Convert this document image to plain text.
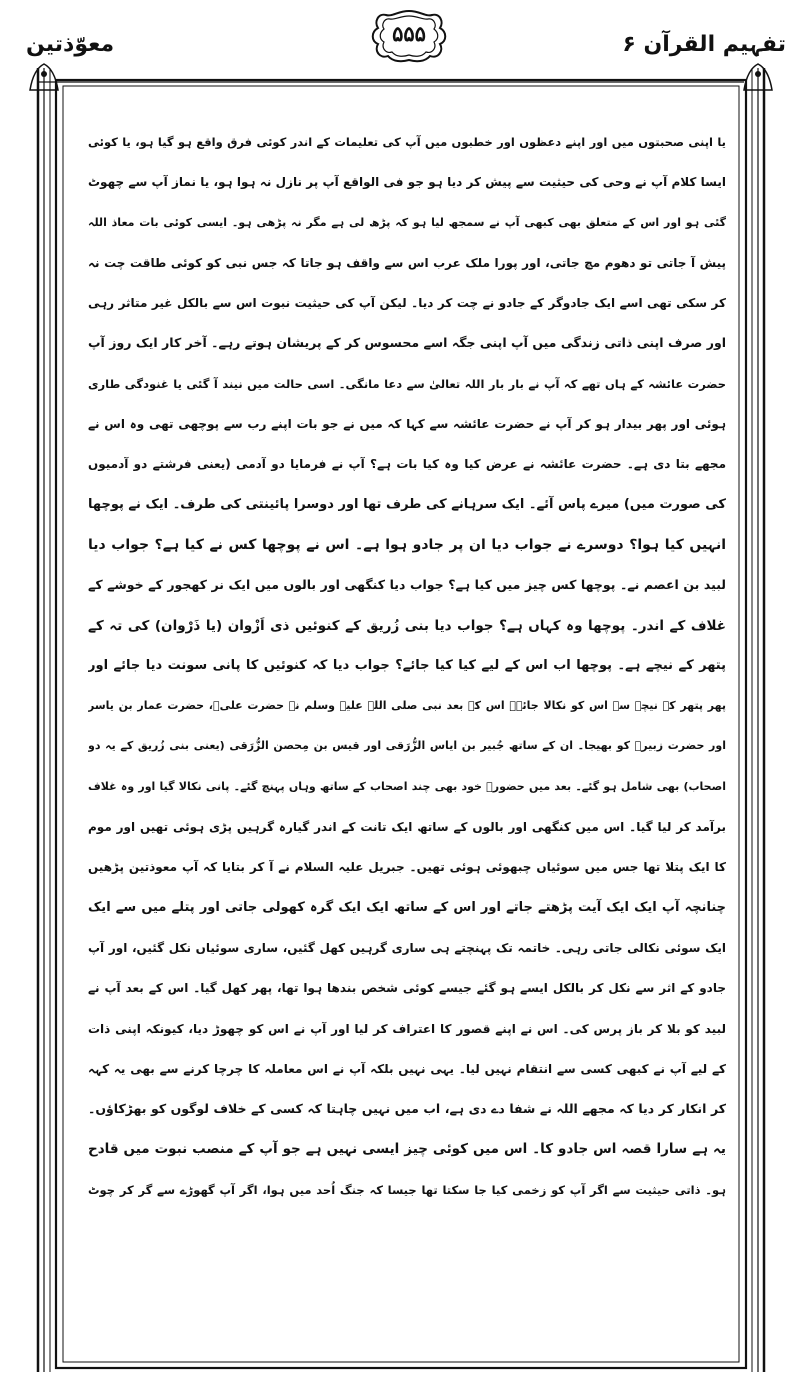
معوّذتین	۵۵۵	تفہیم القرآن ۶
یا اپنی صحبتوں میں اور اپنے دعظوں اور خطبوں میں آپ کی تعلیمات کے اندر کوئی فرق واقع ہو گیا ہو، یا کوئی
ایسا کلام آپ نے وحی کی حیثیت سے پیش کر دیا ہو جو فی الواقع آپ پر نازل نہ ہوا ہو، یا نماز آپ سے چھوٹ
گئی ہو اور اس کے متعلق بھی کبھی آپ نے سمجھ لیا ہو کہ پڑھ لی ہے مگر نہ پڑھی ہو۔ ایسی کوئی بات معاذ اللہ
پیش آ جاتی تو دھوم مچ جاتی، اور پورا ملک عرب اس سے واقف ہو جاتا کہ جس نبی کو کوئی طاقت چت نہ
کر سکی تھی اسے ایک جادوگر کے جادو نے چت کر دیا۔ لیکن آپ کی حیثیت نبوت اس سے بالکل غیر متاثر رہی
اور صرف اپنی ذاتی زندگی میں آپ اپنی جگہ اسے محسوس کر کے پریشان ہوتے رہے۔ آخر کار ایک روز آپ
حضرت عائشہ کے ہاں تھے کہ آپ نے بار بار اللہ تعالیٰ سے دعا مانگی۔ اسی حالت میں نیند آ گئی یا غنودگی طاری
ہوئی اور پھر بیدار ہو کر آپ نے حضرت عائشہ سے کہا کہ میں نے جو بات اپنے رب سے پوچھی تھی وہ اس نے
مجھے بتا دی ہے۔ حضرت عائشہ نے عرض کیا وہ کیا بات ہے؟ آپ نے فرمایا دو آدمی (یعنی فرشتے دو آدمیوں
کی صورت میں) میرے پاس آئے۔ ایک سرہانے کی طرف تھا اور دوسرا پائینتی کی طرف۔ ایک نے پوچھا
انہیں کیا ہوا؟ دوسرے نے جواب دیا ان پر جادو ہوا ہے۔ اس نے پوچھا کس نے کیا ہے؟ جواب دیا
لبید بن اعصم نے۔ پوچھا کس چیز میں کیا ہے؟ جواب دیا کنگھی اور بالوں میں ایک نر کھجور کے خوشے کے
غلاف کے اندر۔ پوچھا وہ کہاں ہے؟ جواب دیا بنی زُریق کے کنوئیں ذی اَزْوان (یا ذَرْوان) کی تہ کے
پتھر کے نیچے ہے۔ پوچھا اب اس کے لیے کیا کیا جائے؟ جواب دیا کہ کنوئیں کا پانی سونت دیا جائے اور
پھر پتھر کے نیچے سے اس کو نکالا جائے۔ اس کے بعد نبی صلی اللہ علیہ وسلم نے حضرت علیؓ، حضرت عمار بن یاسر
اور حضرت زبیرؓ کو بھیجا۔ ان کے ساتھ جُبیر بن ایاس الزُّرَقی اور قیس بن مِحصن الزُّرَقی (یعنی بنی زُریق کے یہ دو
اصحاب) بھی شامل ہو گئے۔ بعد میں حضورؐ خود بھی چند اصحاب کے ساتھ وہاں پہنچ گئے۔ پانی نکالا گیا اور وہ غلاف
برآمد کر لیا گیا۔ اس میں کنگھی اور بالوں کے ساتھ ایک تانت کے اندر گیارہ گرہیں پڑی ہوئی تھیں اور موم
کا ایک پتلا تھا جس میں سوئیاں چبھوئی ہوئی تھیں۔ جبریل علیہ السلام نے آ کر بتایا کہ آپ معوذتین پڑھیں
چنانچہ آپ ایک ایک آیت پڑھتے جاتے اور اس کے ساتھ ایک ایک گرہ کھولی جاتی اور پتلے میں سے ایک
ایک سوئی نکالی جاتی رہی۔ خاتمہ تک پہنچتے ہی ساری گرہیں کھل گئیں، ساری سوئیاں نکل گئیں، اور آپ
جادو کے اثر سے نکل کر بالکل ایسے ہو گئے جیسے کوئی شخص بندھا ہوا تھا، پھر کھل گیا۔ اس کے بعد آپ نے
لبید کو بلا کر باز پرس کی۔ اس نے اپنے قصور کا اعتراف کر لیا اور آپ نے اس کو چھوڑ دیا، کیونکہ اپنی ذات
کے لیے آپ نے کبھی کسی سے انتقام نہیں لیا۔ یہی نہیں بلکہ آپ نے اس معاملہ کا چرچا کرنے سے بھی یہ کہہ
کر انکار کر دیا کہ مجھے اللہ نے شفا دے دی ہے، اب میں نہیں چاہتا کہ کسی کے خلاف لوگوں کو بھڑکاؤں۔
یہ ہے سارا قصہ اس جادو کا۔ اس میں کوئی چیز ایسی نہیں ہے جو آپ کے منصب نبوت میں قادح
ہو۔ ذاتی حیثیت سے اگر آپ کو زخمی کیا جا سکتا تھا جیسا کہ جنگ اُحد میں ہوا، اگر آپ گھوڑے سے گر کر چوٹ
